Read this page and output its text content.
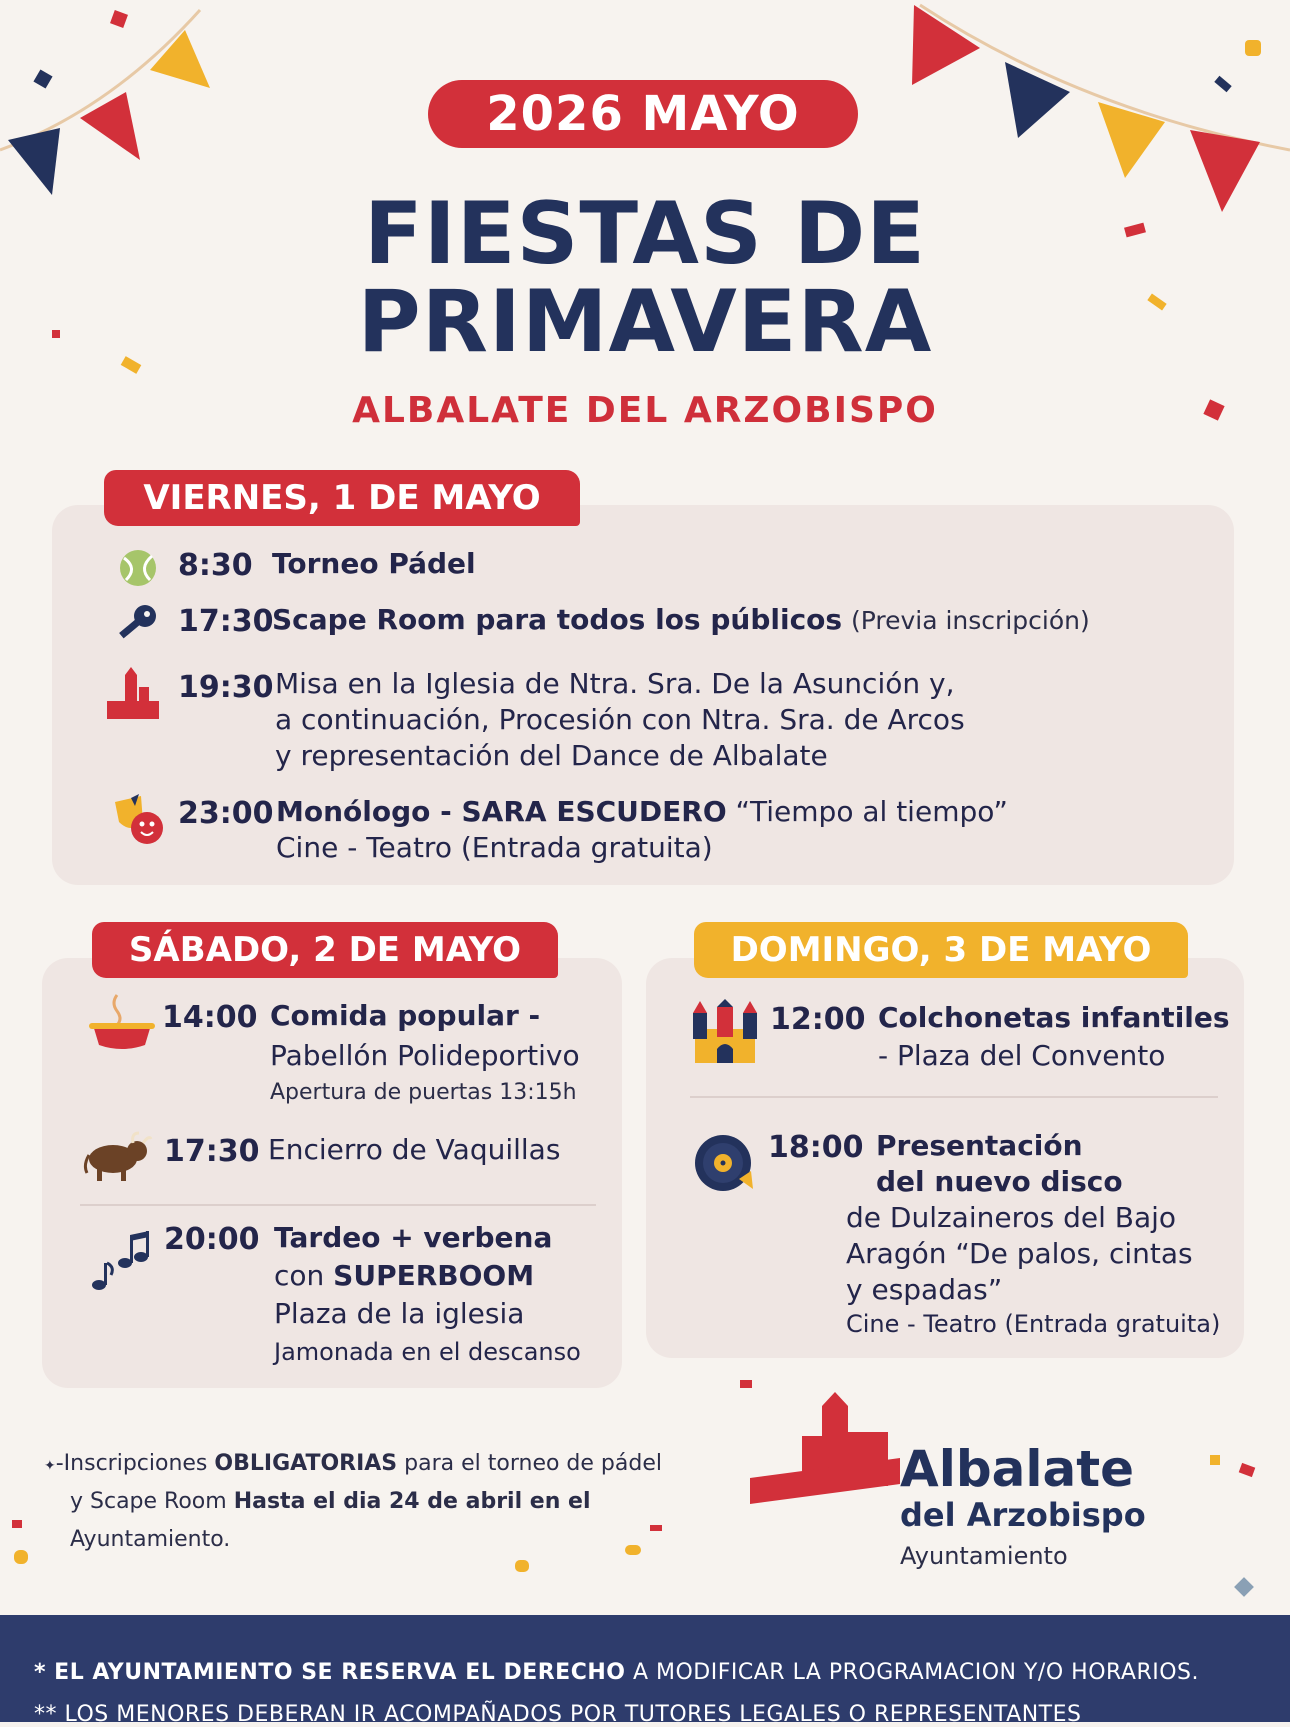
2026 MAYO
FIESTAS DE
PRIMAVERA
ALBALATE DEL ARZOBISPO
VIERNES, 1 DE MAYO
8:30 Torneo Pádel
17:30
Scape Room para todos los públicos (Previa inscripción)
19:30 Misa en la Iglesia de Ntra. Sra. De la Asunción y,
a continuación, Procesión con Ntra. Sra. de Arcos
y representación del Dance de Albalate
23:00 Monólogo - SARA ESCUDERO “Tiempo al tiempo”
Cine - Teatro (Entrada gratuita)
SÁBADO, 2 DE MAYO
14:00 Comida popular -
Pabellón Polideportivo
Apertura de puertas 13:15h
17:30 Encierro de Vaquillas
20:00 Tardeo + verbena
con SUPERBOOM
Plaza de la iglesia
Jamonada en el descanso
DOMINGO, 3 DE MAYO
12:00 Colchonetas infantiles
- Plaza del Convento
18:00 Presentación
del nuevo disco
de Dulzaineros del Bajo
Aragón “De palos, cintas
y espadas”
Cine - Teatro (Entrada gratuita)
✦-Inscripciones OBLIGATORIAS para el torneo de pádel
y Scape Room Hasta el dia 24 de abril en el
Ayuntamiento.
Albalate
del Arzobispo
Ayuntamiento
* EL AYUNTAMIENTO SE RESERVA EL DERECHO A MODIFICAR LA PROGRAMACION Y/O HORARIOS.
** LOS MENORES DEBERAN IR ACOMPAÑADOS POR TUTORES LEGALES O REPRESENTANTES
